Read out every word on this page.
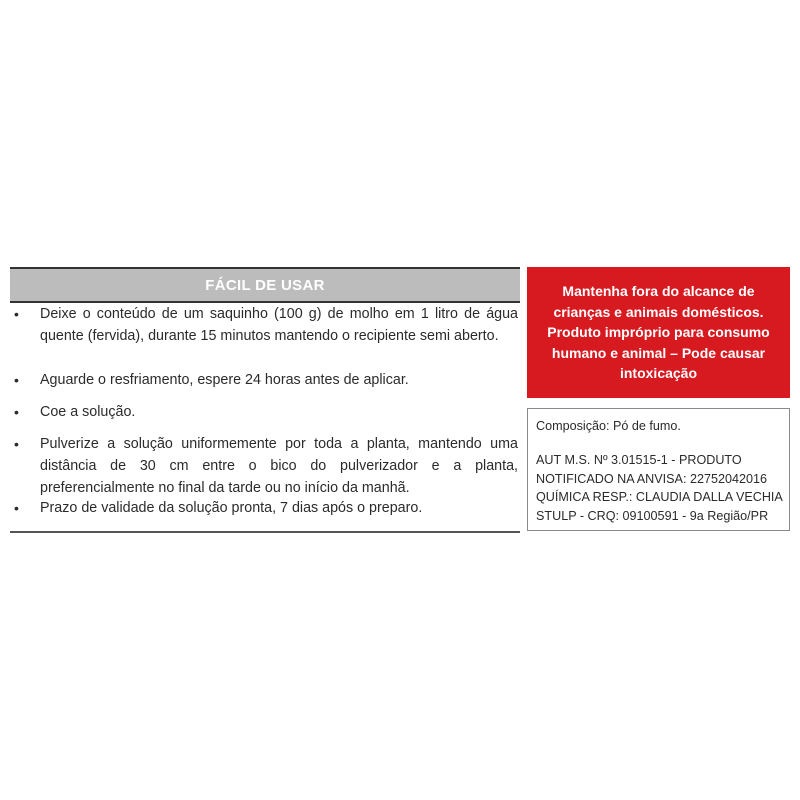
FÁCIL DE USAR
•	Deixe o conteúdo de um saquinho (100 g) de molho em 1 litro de água quente (fervida), durante 15 minutos mantendo o recipiente semi aberto.
•	Aguarde o resfriamento, espere 24 horas antes de aplicar.
•	Coe a solução.
•	Pulverize a solução uniformemente por toda a planta, mantendo uma distância de 30 cm entre o bico do pulverizador e a planta, preferencialmente no final da tarde ou no início da manhã.
•	Prazo de validade da solução pronta, 7 dias após o preparo.

Mantenha fora do alcance de crianças e animais domésticos. Produto impróprio para consumo humano e animal – Pode causar intoxicação

Composição: Pó de fumo.

AUT M.S. Nº 3.01515-1 - PRODUTO
NOTIFICADO NA ANVISA: 22752042016
QUÍMICA RESP.: CLAUDIA DALLA VECHIA
STULP - CRQ: 09100591 - 9a Região/PR
